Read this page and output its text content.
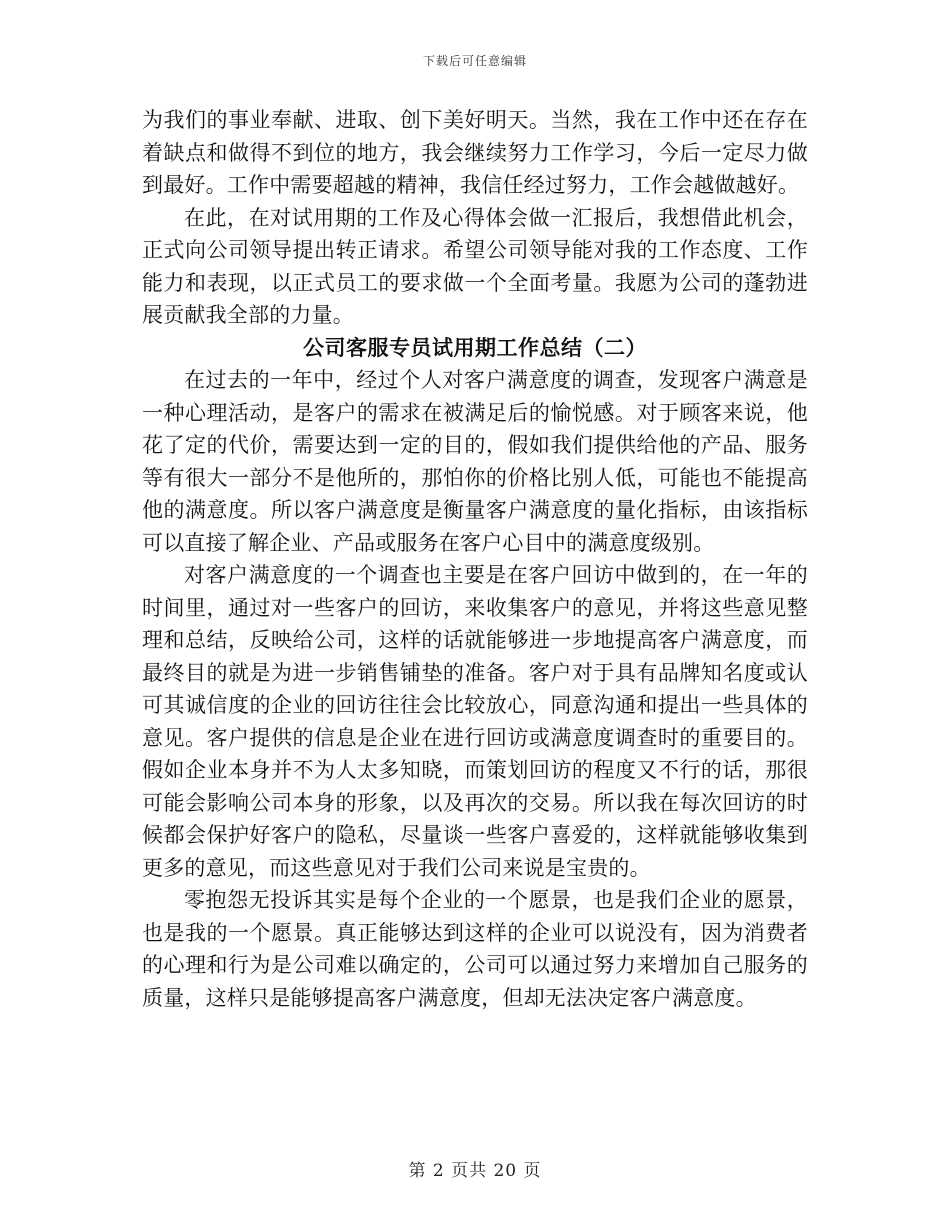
下载后可任意编辑

为我们的事业奉献、进取、创下美好明天。当然，我在工作中还在存在着缺点和做得不到位的地方，我会继续努力工作学习，今后一定尽力做到最好。工作中需要超越的精神，我信任经过努力，工作会越做越好。

在此，在对试用期的工作及心得体会做一汇报后，我想借此机会，正式向公司领导提出转正请求。希望公司领导能对我的工作态度、工作能力和表现，以正式员工的要求做一个全面考量。我愿为公司的蓬勃进展贡献我全部的力量。

公司客服专员试用期工作总结（二）

在过去的一年中，经过个人对客户满意度的调查，发现客户满意是一种心理活动，是客户的需求在被满足后的愉悦感。对于顾客来说，他花了定的代价，需要达到一定的目的，假如我们提供给他的产品、服务等有很大一部分不是他所的，那怕你的价格比别人低，可能也不能提高他的满意度。所以客户满意度是衡量客户满意度的量化指标，由该指标可以直接了解企业、产品或服务在客户心目中的满意度级别。

对客户满意度的一个调查也主要是在客户回访中做到的，在一年的时间里，通过对一些客户的回访，来收集客户的意见，并将这些意见整理和总结，反映给公司，这样的话就能够进一步地提高客户满意度，而最终目的就是为进一步销售铺垫的准备。客户对于具有品牌知名度或认可其诚信度的企业的回访往往会比较放心，同意沟通和提出一些具体的意见。客户提供的信息是企业在进行回访或满意度调查时的重要目的。假如企业本身并不为人太多知晓，而策划回访的程度又不行的话，那很可能会影响公司本身的形象，以及再次的交易。所以我在每次回访的时候都会保护好客户的隐私，尽量谈一些客户喜爱的，这样就能够收集到更多的意见，而这些意见对于我们公司来说是宝贵的。

零抱怨无投诉其实是每个企业的一个愿景，也是我们企业的愿景，也是我的一个愿景。真正能够达到这样的企业可以说没有，因为消费者的心理和行为是公司难以确定的，公司可以通过努力来增加自己服务的质量，这样只是能够提高客户满意度，但却无法决定客户满意度。

第 2 页共 20 页
